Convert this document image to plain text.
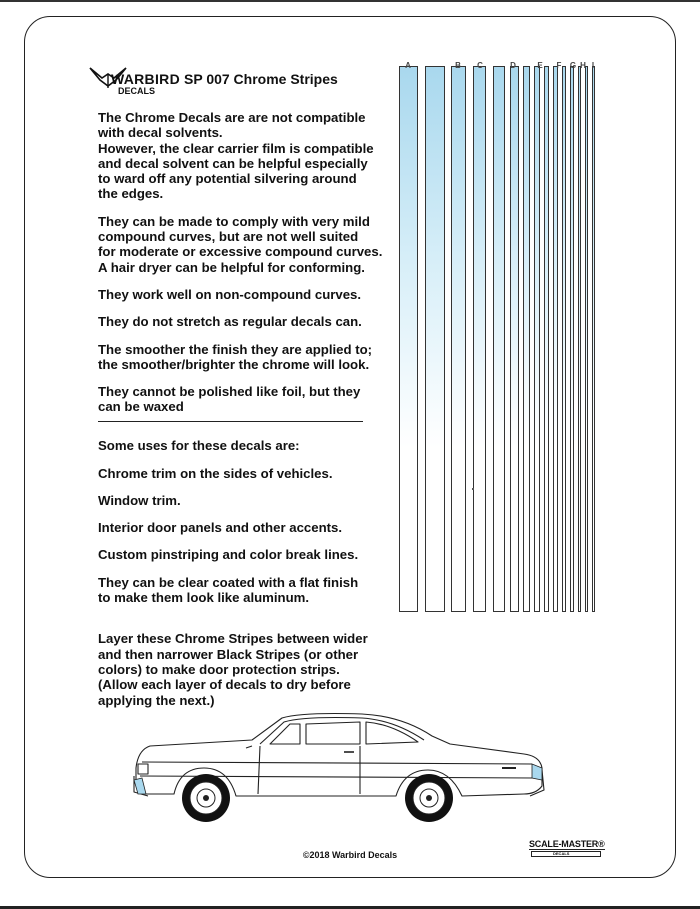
WARBIRD
DECALS
SP 007 Chrome Stripes

The Chrome Decals are are not compatible
with decal solvents.
However, the clear carrier film is compatible
and decal solvent can be helpful especially
to ward off any potential silvering around
the edges.

They can be made to comply with very mild
compound curves, but are not well suited
for moderate or excessive compound curves.
A hair dryer can be helpful for conforming.

They work well on non-compound curves.

They do not stretch as regular decals can.

The smoother the finish they are applied to;
the smoother/brighter the chrome will look.

They cannot be polished like foil, but they
can be waxed

Some uses for these decals are:

Chrome trim on the sides of vehicles.

Window trim.

Interior door panels and other accents.

Custom pinstriping and color break lines.

They can be clear coated with a flat finish
to make them look like aluminum.

Layer these Chrome Stripes between wider
and then narrower Black Stripes (or other
colors) to make door protection strips.
(Allow each layer of decals to dry before
applying the next.)

A	B C	D	E F G H I
©2018 Warbird Decals
SCALE-MASTER®
DECALS
